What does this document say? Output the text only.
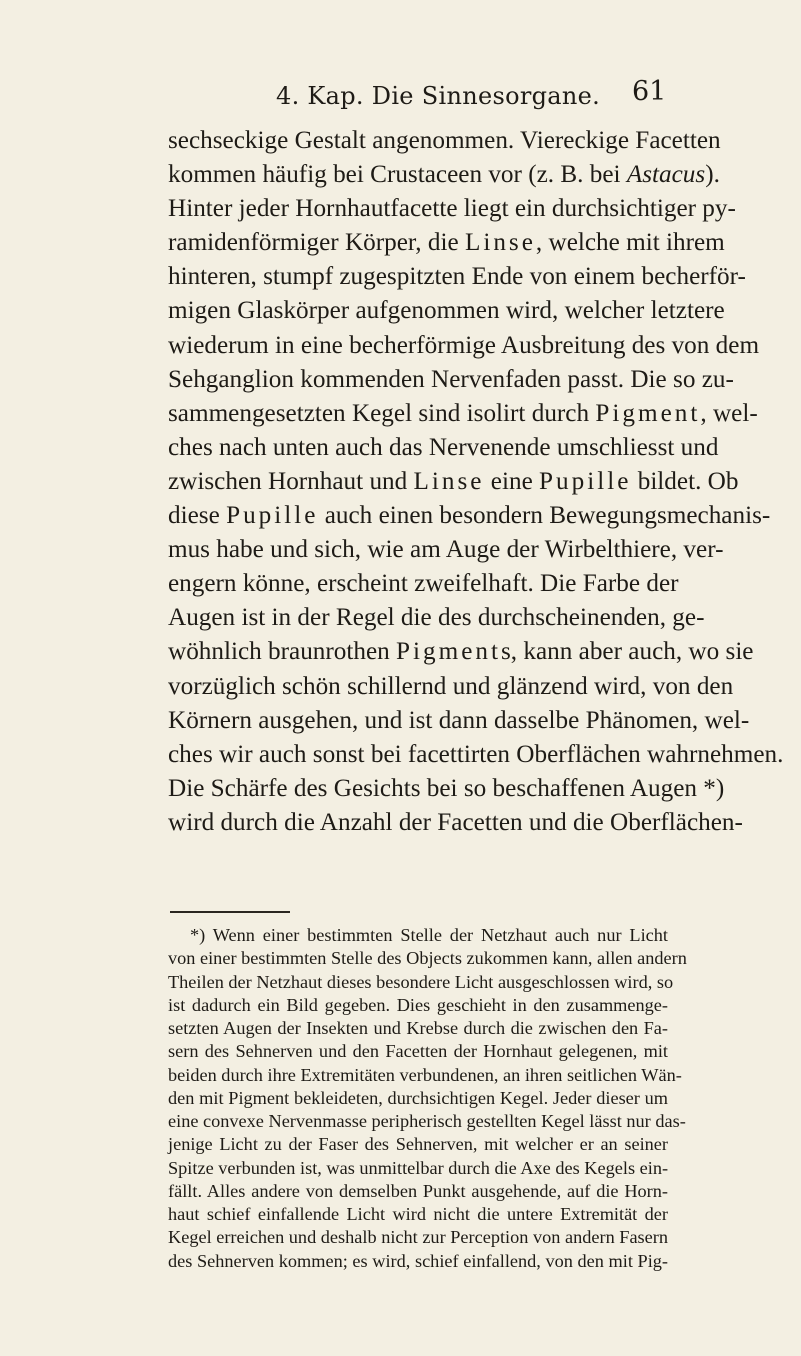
4. Kap. Die Sinnesorgane. 61
sechseckige Gestalt angenommen. Viereckige Facetten
kommen häufig bei Crustaceen vor (z. B. bei Astacus).
Hinter jeder Hornhautfacette liegt ein durchsichtiger py-
ramidenförmiger Körper, die Linse, welche mit ihrem
hinteren, stumpf zugespitzten Ende von einem becherför-
migen Glaskörper aufgenommen wird, welcher letztere
wiederum in eine becherförmige Ausbreitung des von dem
Sehganglion kommenden Nervenfaden passt. Die so zu-
sammengesetzten Kegel sind isolirt durch Pigment, wel-
ches nach unten auch das Nervenende umschliesst und
zwischen Hornhaut und Linse eine Pupille bildet. Ob
diese Pupille auch einen besondern Bewegungsmechanis-
mus habe und sich, wie am Auge der Wirbelthiere, ver-
engern könne, erscheint zweifelhaft. Die Farbe der
Augen ist in der Regel die des durchscheinenden, ge-
wöhnlich braunrothen Pigments, kann aber auch, wo sie
vorzüglich schön schillernd und glänzend wird, von den
Körnern ausgehen, und ist dann dasselbe Phänomen, wel-
ches wir auch sonst bei facettirten Oberflächen wahrnehmen.
Die Schärfe des Gesichts bei so beschaffenen Augen *)
wird durch die Anzahl der Facetten und die Oberflächen-
*) Wenn einer bestimmten Stelle der Netzhaut auch nur Licht
von einer bestimmten Stelle des Objects zukommen kann, allen andern
Theilen der Netzhaut dieses besondere Licht ausgeschlossen wird, so
ist dadurch ein Bild gegeben. Dies geschieht in den zusammenge-
setzten Augen der Insekten und Krebse durch die zwischen den Fa-
sern des Sehnerven und den Facetten der Hornhaut gelegenen, mit
beiden durch ihre Extremitäten verbundenen, an ihren seitlichen Wän-
den mit Pigment bekleideten, durchsichtigen Kegel. Jeder dieser um
eine convexe Nervenmasse peripherisch gestellten Kegel lässt nur das-
jenige Licht zu der Faser des Sehnerven, mit welcher er an seiner
Spitze verbunden ist, was unmittelbar durch die Axe des Kegels ein-
fällt. Alles andere von demselben Punkt ausgehende, auf die Horn-
haut schief einfallende Licht wird nicht die untere Extremität der
Kegel erreichen und deshalb nicht zur Perception von andern Fasern
des Sehnerven kommen; es wird, schief einfallend, von den mit Pig-
